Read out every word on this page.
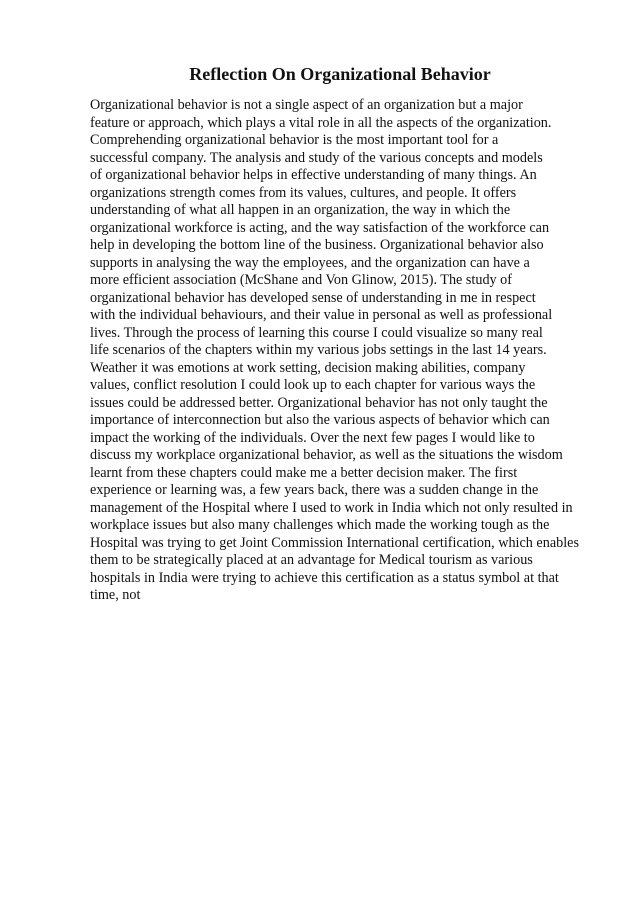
Reflection On Organizational Behavior
Organizational behavior is not a single aspect of an organization but a major
feature or approach, which plays a vital role in all the aspects of the organization.
Comprehending organizational behavior is the most important tool for a
successful company. The analysis and study of the various concepts and models
of organizational behavior helps in effective understanding of many things. An
organizations strength comes from its values, cultures, and people. It offers
understanding of what all happen in an organization, the way in which the
organizational workforce is acting, and the way satisfaction of the workforce can
help in developing the bottom line of the business. Organizational behavior also
supports in analysing the way the employees, and the organization can have a
more efficient association (McShane and Von Glinow, 2015). The study of
organizational behavior has developed sense of understanding in me in respect
with the individual behaviours, and their value in personal as well as professional
lives. Through the process of learning this course I could visualize so many real
life scenarios of the chapters within my various jobs settings in the last 14 years.
Weather it was emotions at work setting, decision making abilities, company
values, conflict resolution I could look up to each chapter for various ways the
issues could be addressed better. Organizational behavior has not only taught the
importance of interconnection but also the various aspects of behavior which can
impact the working of the individuals. Over the next few pages I would like to
discuss my workplace organizational behavior, as well as the situations the wisdom
learnt from these chapters could make me a better decision maker. The first
experience or learning was, a few years back, there was a sudden change in the
management of the Hospital where I used to work in India which not only resulted in
workplace issues but also many challenges which made the working tough as the
Hospital was trying to get Joint Commission International certification, which enables
them to be strategically placed at an advantage for Medical tourism as various
hospitals in India were trying to achieve this certification as a status symbol at that
time, not
